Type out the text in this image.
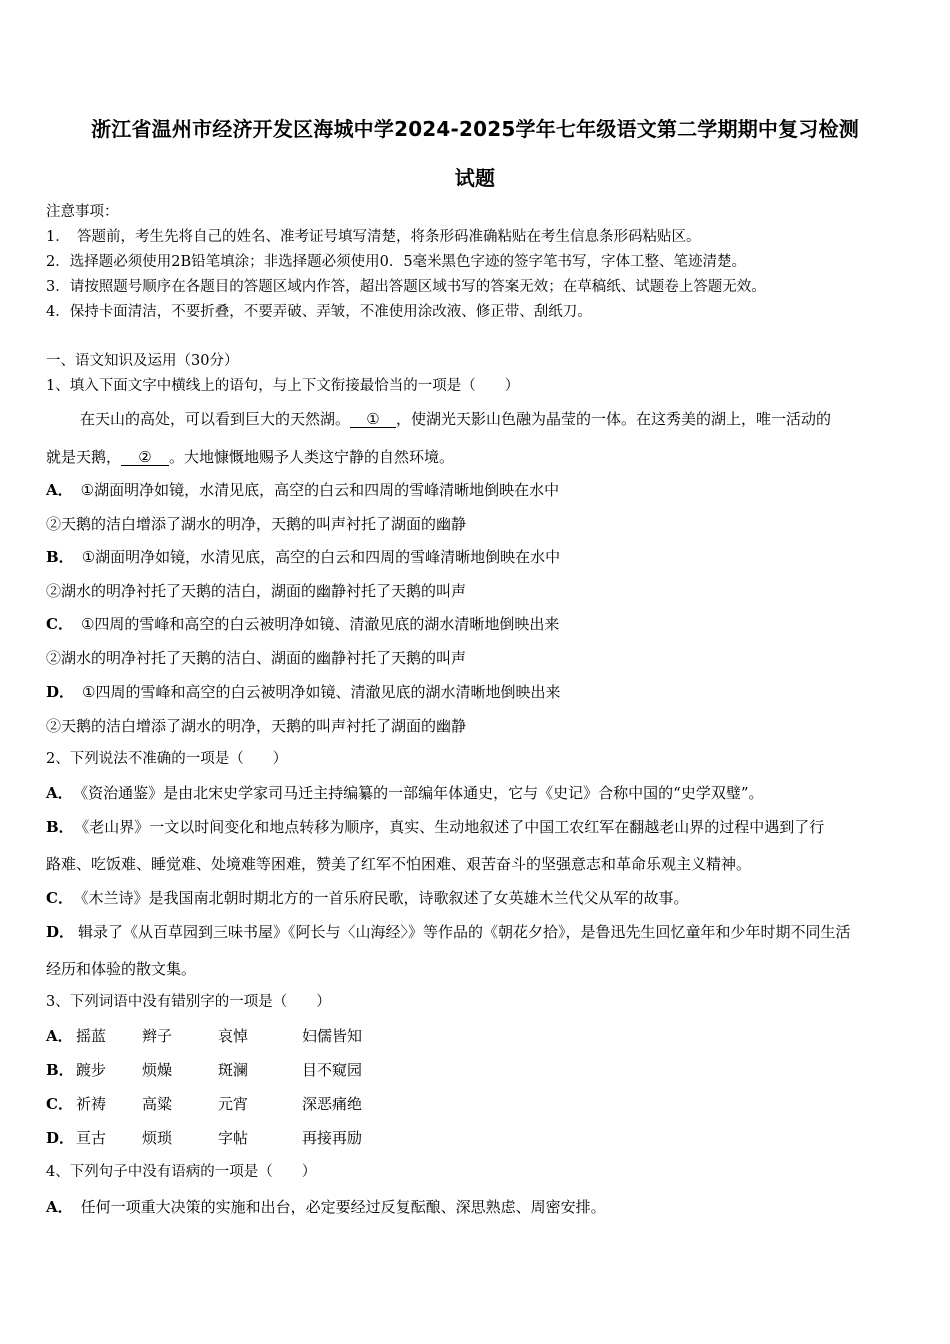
浙江省温州市经济开发区海城中学2024-2025学年七年级语文第二学期期中复习检测
试题
注意事项：
1．　答题前，考生先将自己的姓名、准考证号填写清楚，将条形码准确粘贴在考生信息条形码粘贴区。
2．选择题必须使用2B铅笔填涂；非选择题必须使用0．5毫米黑色字迹的签字笔书写，字体工整、笔迹清楚。
3．请按照题号顺序在各题目的答题区域内作答，超出答题区域书写的答案无效；在草稿纸、试题卷上答题无效。
4．保持卡面清洁，不要折叠，不要弄破、弄皱，不准使用涂改液、修正带、刮纸刀。
一、语文知识及运用（30分）
1、填入下面文字中横线上的语句，与上下文衔接最恰当的一项是（　　）
在天山的高处，可以看到巨大的天然湖。 ① ，使湖光天影山色融为晶莹的一体。在这秀美的湖上，唯一活动的
就是天鹅， ② 。大地慷慨地赐予人类这宁静的自然环境。
A． ①湖面明净如镜，水清见底，高空的白云和四周的雪峰清晰地倒映在水中
②天鹅的洁白增添了湖水的明净，天鹅的叫声衬托了湖面的幽静
B． ①湖面明净如镜，水清见底，高空的白云和四周的雪峰清晰地倒映在水中
②湖水的明净衬托了天鹅的洁白，湖面的幽静衬托了天鹅的叫声
C． ①四周的雪峰和高空的白云被明净如镜、清澈见底的湖水清晰地倒映出来
②湖水的明净衬托了天鹅的洁白、湖面的幽静衬托了天鹅的叫声
D． ①四周的雪峰和高空的白云被明净如镜、清澈见底的湖水清晰地倒映出来
②天鹅的洁白增添了湖水的明净，天鹅的叫声衬托了湖面的幽静
2、下列说法不准确的一项是（　　）
A． 《资治通鉴》是由北宋史学家司马迁主持编纂的一部编年体通史，它与《史记》合称中国的“史学双璧”。
B． 《老山界》一文以时间变化和地点转移为顺序，真实、生动地叙述了中国工农红军在翻越老山界的过程中遇到了行
路难、吃饭难、睡觉难、处境难等困难，赞美了红军不怕困难、艰苦奋斗的坚强意志和革命乐观主义精神。
C． 《木兰诗》是我国南北朝时期北方的一首乐府民歌，诗歌叙述了女英雄木兰代父从军的故事。
D． 辑录了《从百草园到三味书屋》《阿长与〈山海经〉》等作品的《朝花夕拾》，是鲁迅先生回忆童年和少年时期不同生活
经历和体验的散文集。
3、下列词语中没有错别字的一项是（　　）
A． 摇蓝 辫子	哀悼	妇儒皆知
B． 踱步 烦燥	斑澜	目不窥园
C． 祈祷 高粱	元宵	深恶痛绝
D． 亘古 烦琐	字帖	再接再励
4、下列句子中没有语病的一项是（　　）
A． 任何一项重大决策的实施和出台，必定要经过反复酝酿、深思熟虑、周密安排。
